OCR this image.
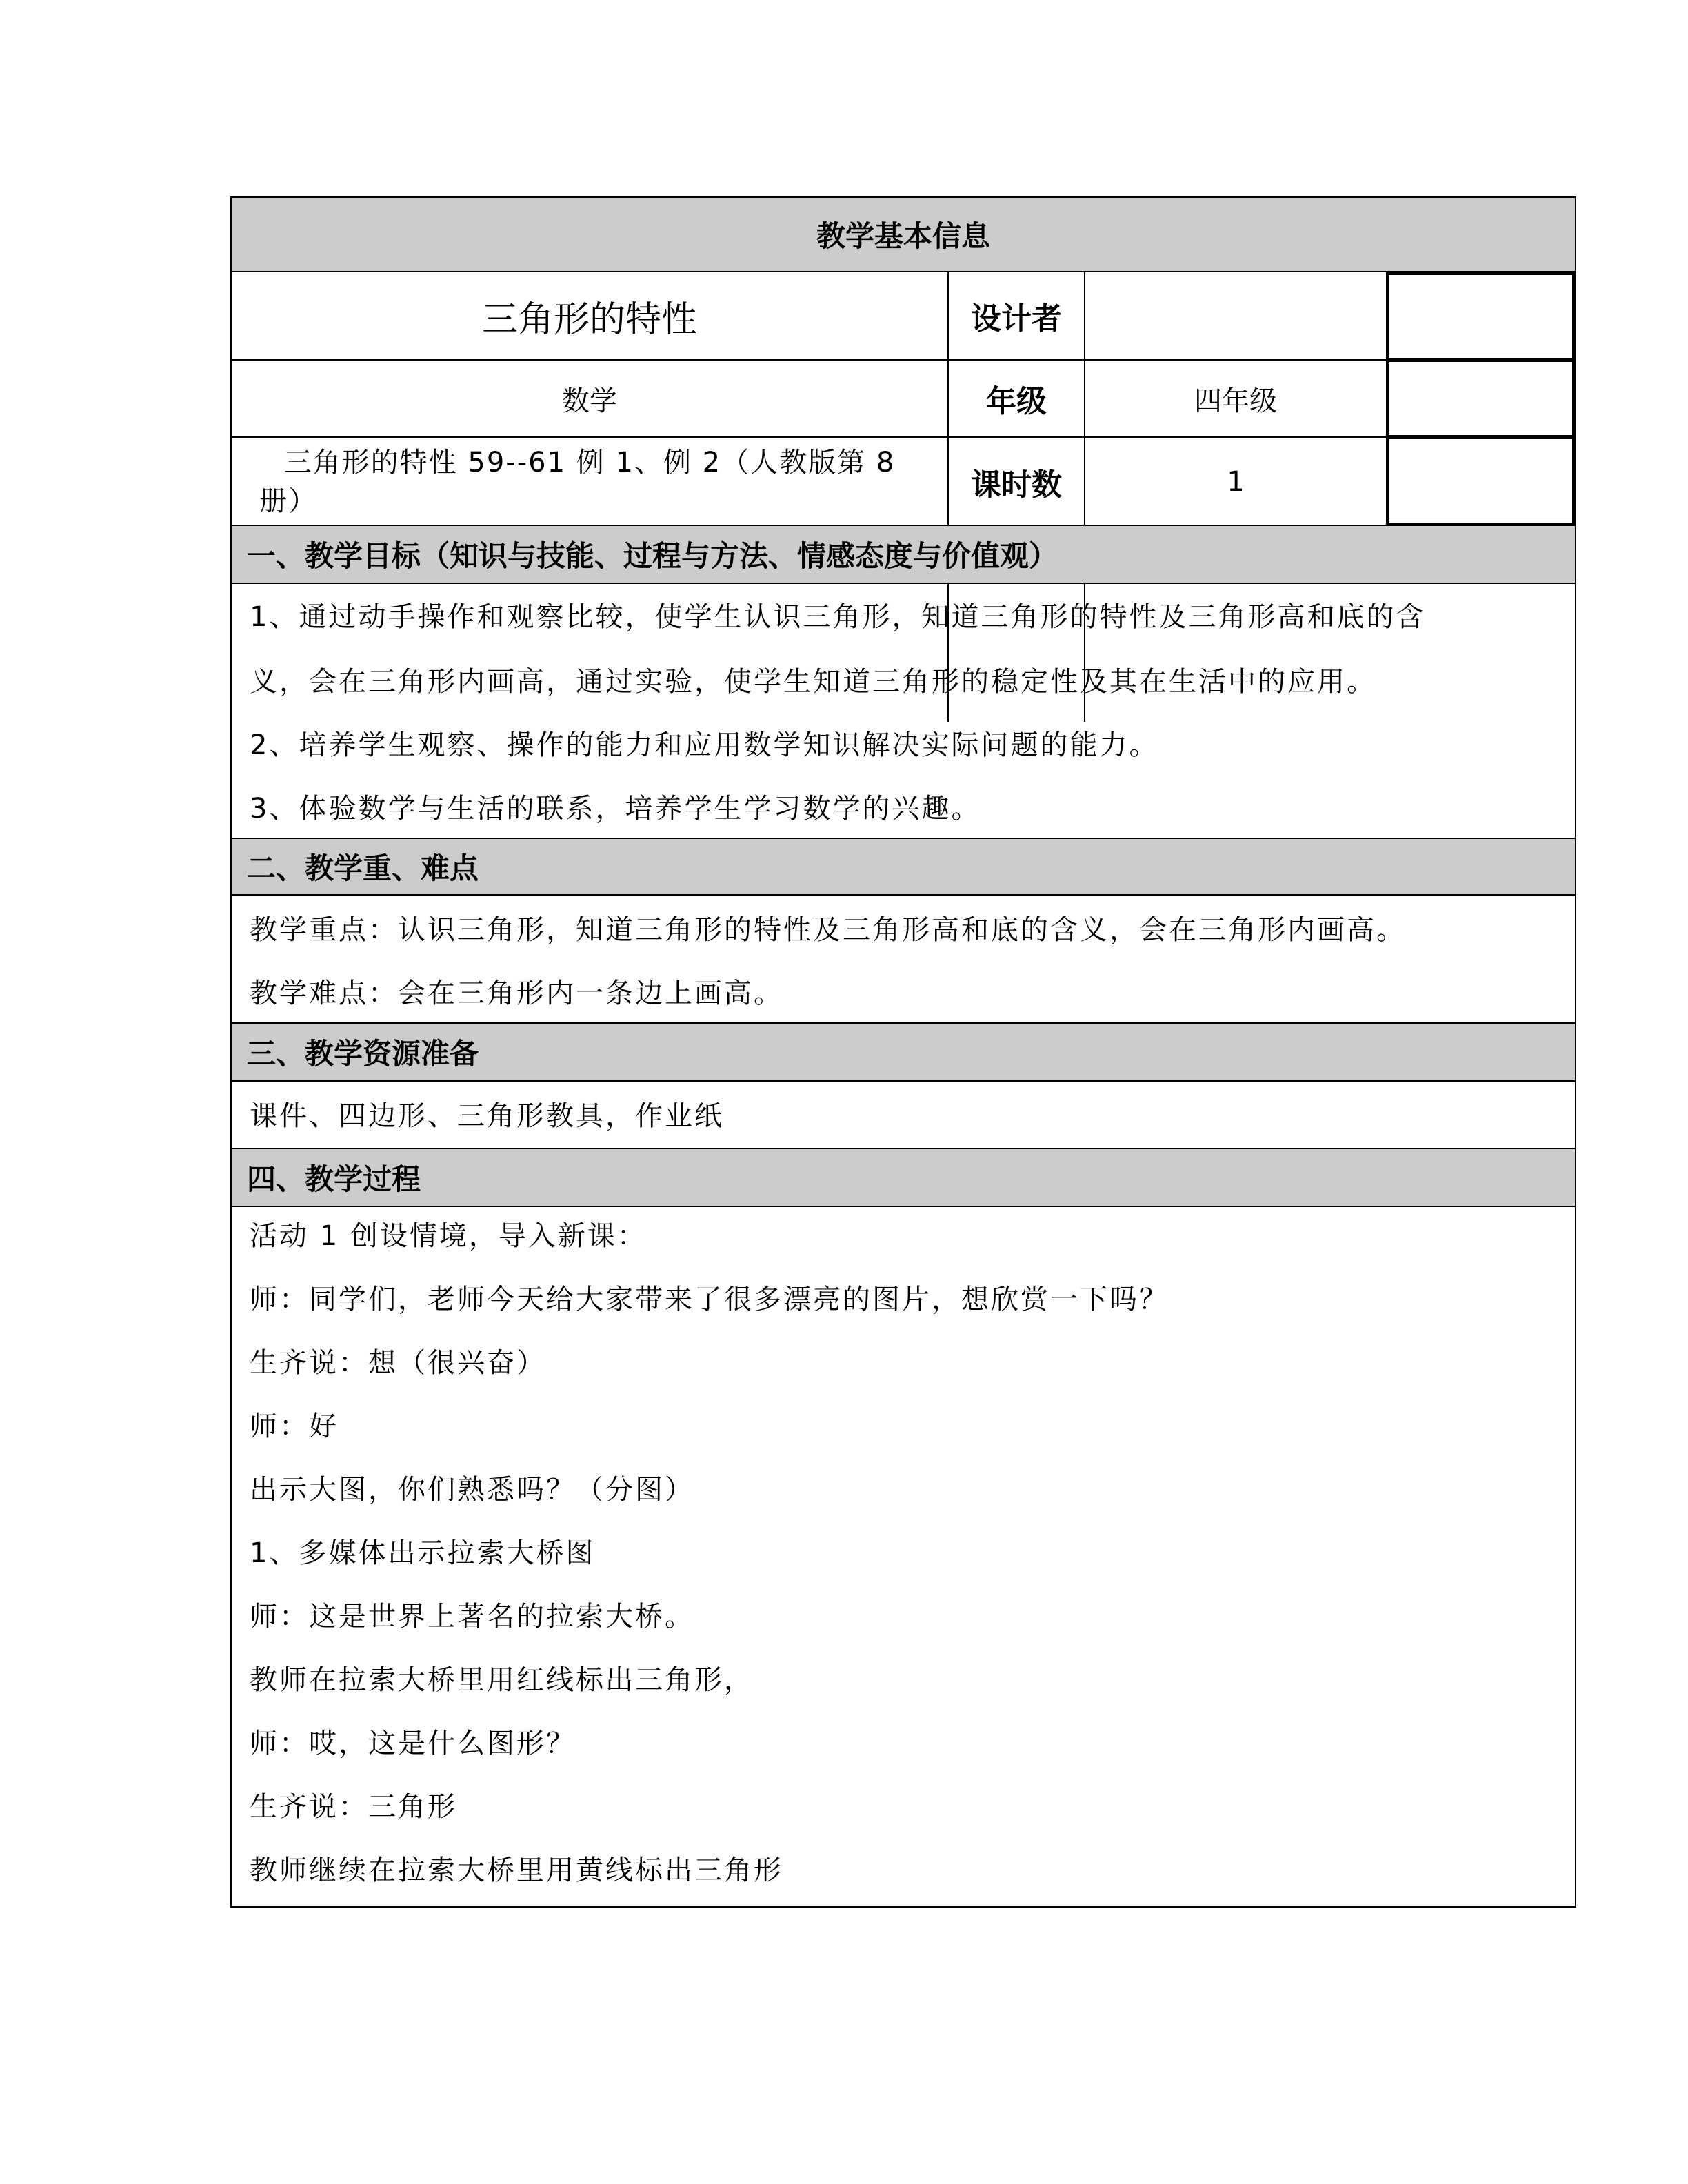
教学基本信息
三角形的特性	设计者
数学	年级	四年级
三角形的特性 59--61 例 1、例 2（人教版第 8
册）	课时数	1
一、教学目标（知识与技能、过程与方法、情感态度与价值观）
1、通过动手操作和观察比较，使学生认识三角形，知道三角形的特性及三角形高和底的含
义，会在三角形内画高，通过实验，使学生知道三角形的稳定性及其在生活中的应用。
2、培养学生观察、操作的能力和应用数学知识解决实际问题的能力。
3、体验数学与生活的联系，培养学生学习数学的兴趣。
二、教学重、难点
教学重点：认识三角形，知道三角形的特性及三角形高和底的含义，会在三角形内画高。
教学难点：会在三角形内一条边上画高。
三、教学资源准备
课件、四边形、三角形教具，作业纸
四、教学过程
活动 1 创设情境，导入新课：
师：同学们，老师今天给大家带来了很多漂亮的图片，想欣赏一下吗？
生齐说：想（很兴奋）
师：好
出示大图，你们熟悉吗？（分图）
1、多媒体出示拉索大桥图
师：这是世界上著名的拉索大桥。
教师在拉索大桥里用红线标出三角形，
师：哎，这是什么图形？
生齐说：三角形
教师继续在拉索大桥里用黄线标出三角形
